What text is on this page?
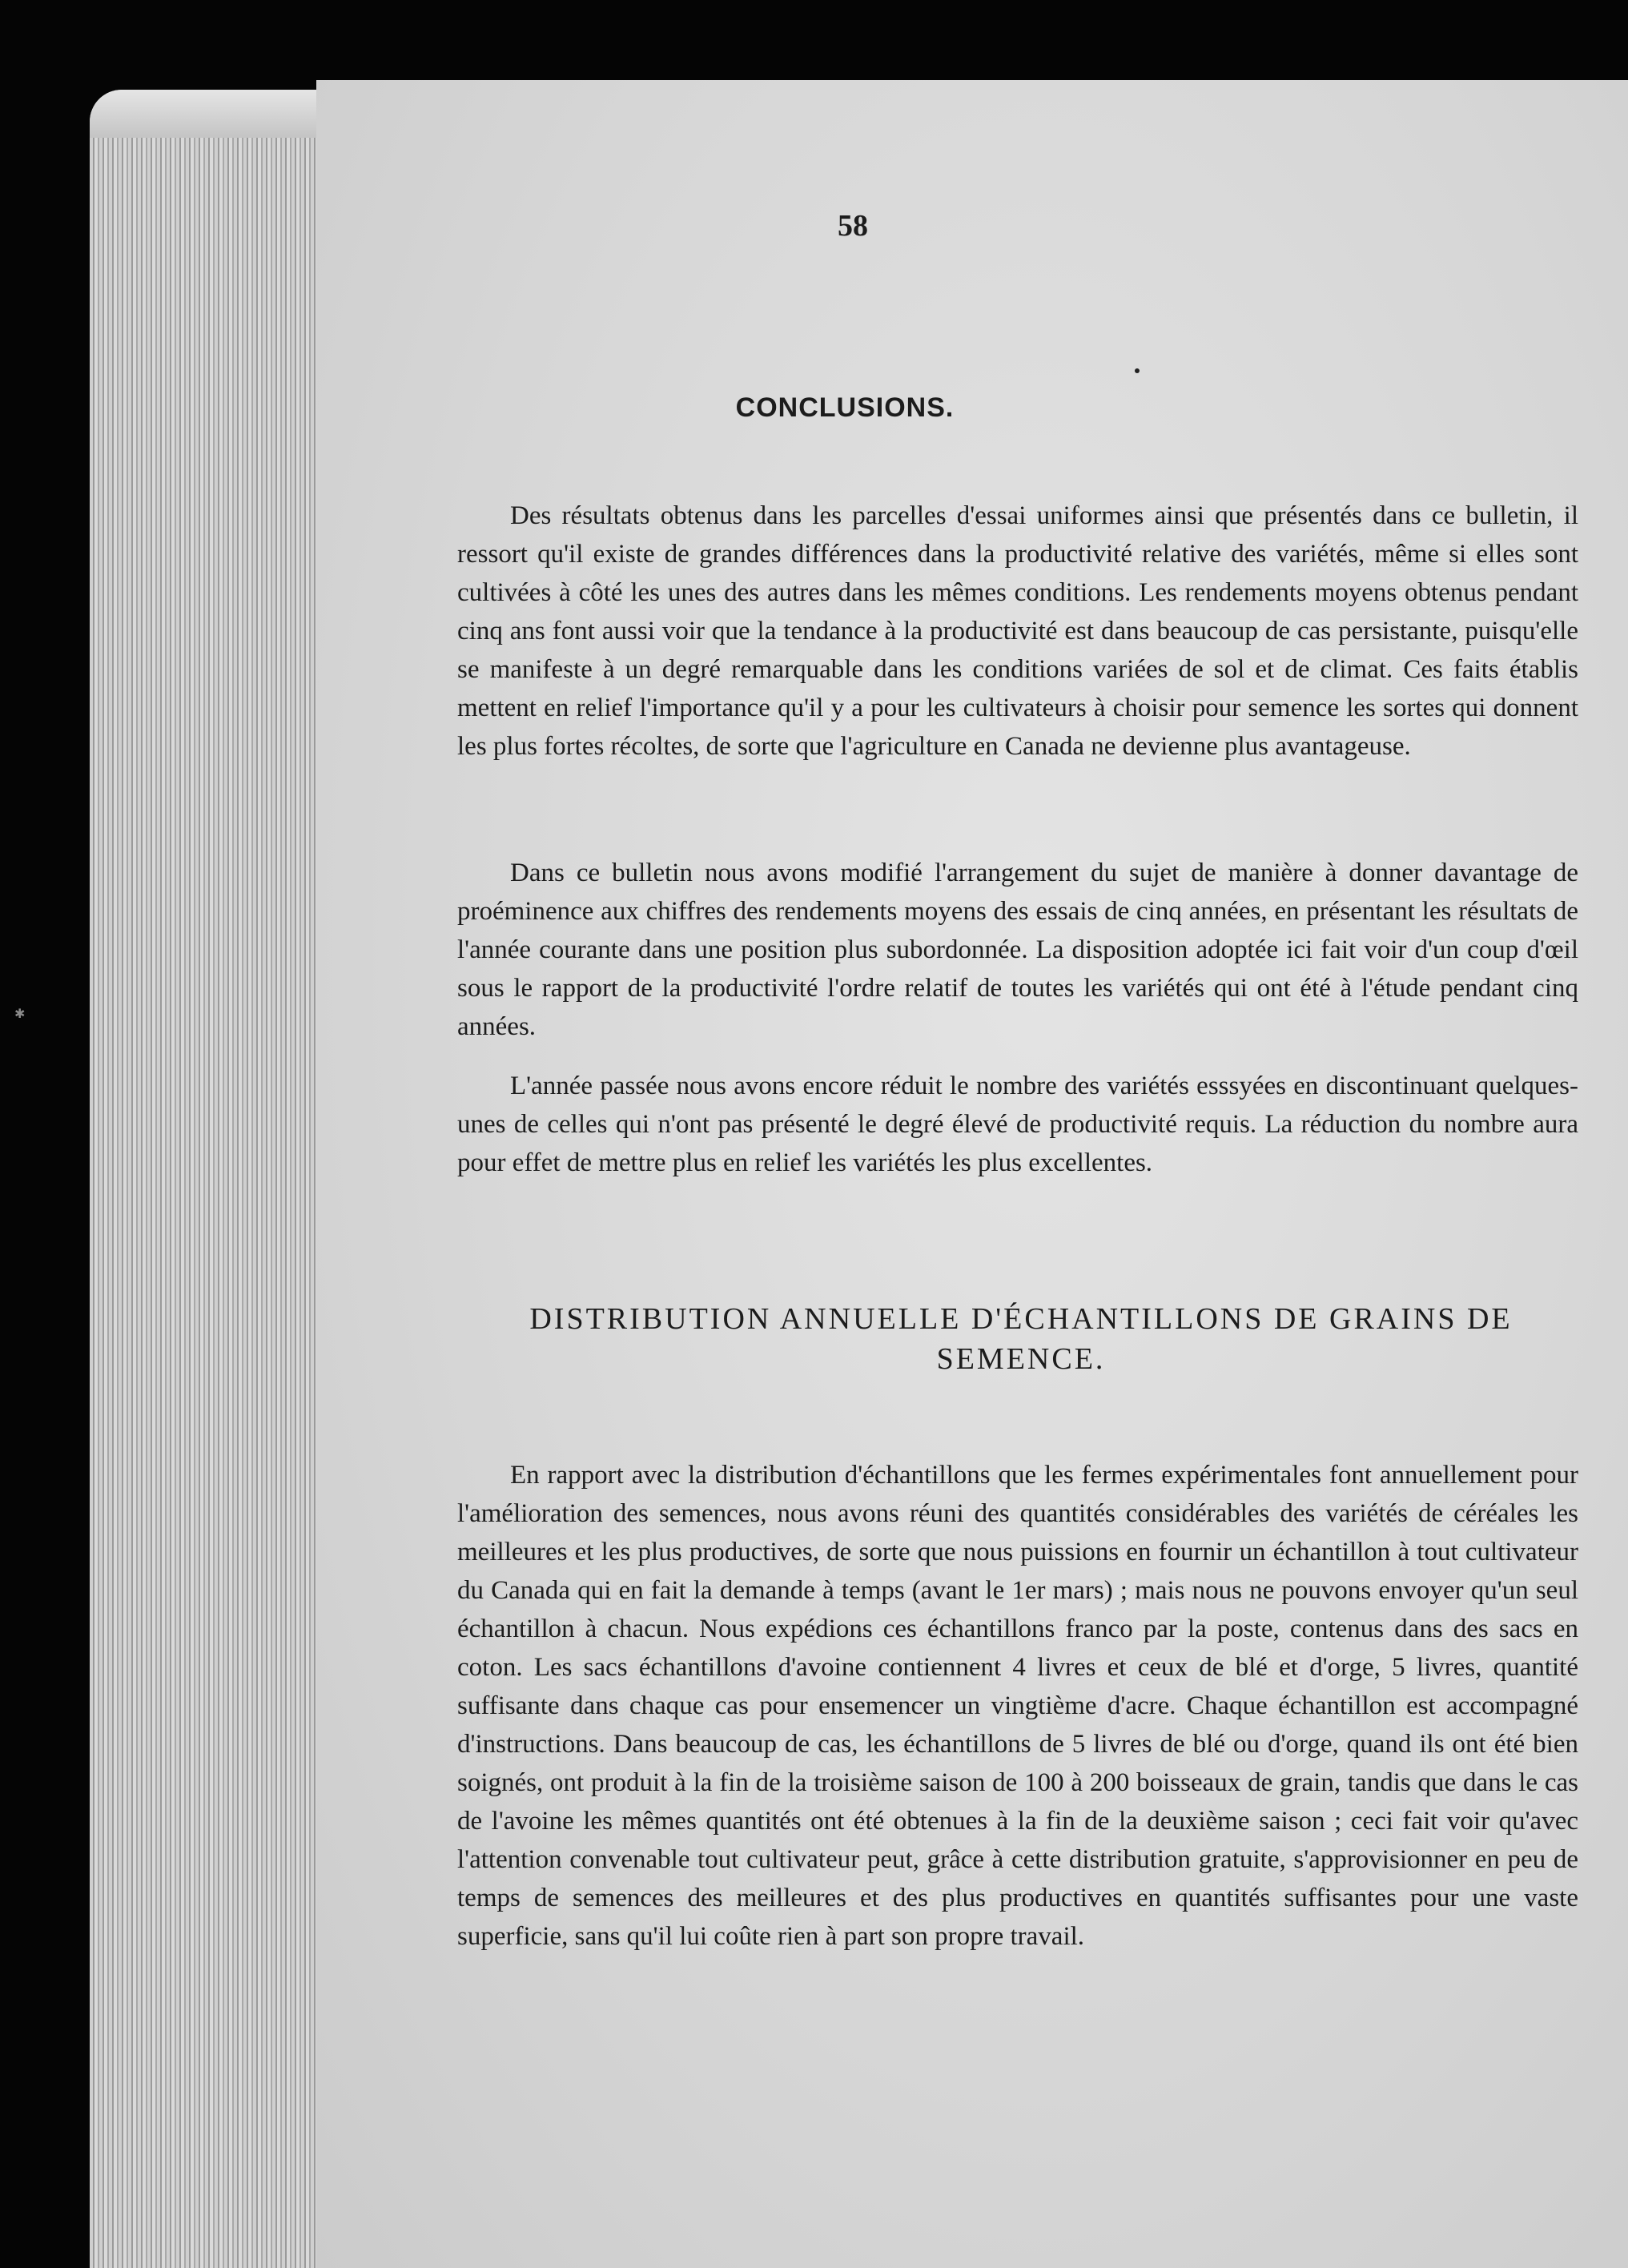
✱
58
CONCLUSIONS.

Des résultats obtenus dans les parcelles d'essai uniformes ainsi que présentés dans ce bulletin, il ressort qu'il existe de grandes différences dans la productivité relative des variétés, même si elles sont cultivées à côté les unes des autres dans les mêmes conditions. Les rendements moyens obtenus pendant cinq ans font aussi voir que la tendance à la productivité est dans beaucoup de cas persistante, puisqu'elle se manifeste à un degré remarquable dans les conditions variées de sol et de climat. Ces faits établis mettent en relief l'importance qu'il y a pour les cultivateurs à choisir pour semence les sortes qui donnent les plus fortes récoltes, de sorte que l'agriculture en Canada ne devienne plus avantageuse.

Dans ce bulletin nous avons modifié l'arrangement du sujet de manière à donner davantage de proéminence aux chiffres des rendements moyens des essais de cinq années, en présentant les résultats de l'année courante dans une position plus subordonnée. La disposition adoptée ici fait voir d'un coup d'œil sous le rapport de la productivité l'ordre relatif de toutes les variétés qui ont été à l'étude pendant cinq années.

L'année passée nous avons encore réduit le nombre des variétés esssyées en discontinuant quelques-unes de celles qui n'ont pas présenté le degré élevé de productivité requis. La réduction du nombre aura pour effet de mettre plus en relief les variétés les plus excellentes.

DISTRIBUTION ANNUELLE D'ÉCHANTILLONS DE GRAINS DE
SEMENCE.

En rapport avec la distribution d'échantillons que les fermes expérimentales font annuellement pour l'amélioration des semences, nous avons réuni des quantités considérables des variétés de céréales les meilleures et les plus productives, de sorte que nous puissions en fournir un échantillon à tout cultivateur du Canada qui en fait la demande à temps (avant le 1er mars) ; mais nous ne pouvons envoyer qu'un seul échantillon à chacun. Nous expédions ces échantillons franco par la poste, contenus dans des sacs en coton. Les sacs échantillons d'avoine contiennent 4 livres et ceux de blé et d'orge, 5 livres, quantité suffisante dans chaque cas pour ensemencer un vingtième d'acre. Chaque échantillon est accompagné d'instructions. Dans beaucoup de cas, les échantillons de 5 livres de blé ou d'orge, quand ils ont été bien soignés, ont produit à la fin de la troisième saison de 100 à 200 boisseaux de grain, tandis que dans le cas de l'avoine les mêmes quantités ont été obtenues à la fin de la deuxième saison ; ceci fait voir qu'avec l'attention convenable tout cultivateur peut, grâce à cette distribution gratuite, s'approvisionner en peu de temps de semences des meilleures et des plus productives en quantités suffisantes pour une vaste superficie, sans qu'il lui coûte rien à part son propre travail.
